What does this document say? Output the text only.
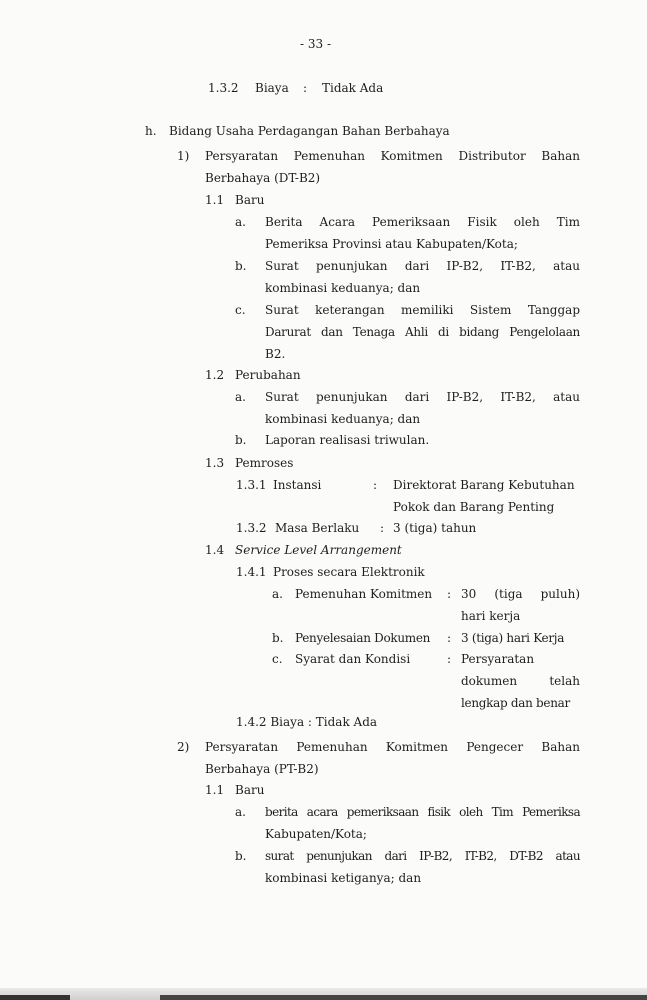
- 33 -
1.3.2 Biaya : Tidak Ada
h. Bidang Usaha Perdagangan Bahan Berbahaya
1) Persyaratan Pemenuhan Komitmen Distributor Bahan
Berbahaya (DT-B2)
1.1 Baru
a. Berita Acara Pemeriksaan Fisik oleh Tim
Pemeriksa Provinsi atau Kabupaten/Kota;
b. Surat penunjukan dari IP-B2, IT-B2, atau
kombinasi keduanya; dan
c. Surat keterangan memiliki Sistem Tanggap
Darurat dan Tenaga Ahli di bidang Pengelolaan
B2.
1.2 Perubahan
a. Surat penunjukan dari IP-B2, IT-B2, atau
kombinasi keduanya; dan
b. Laporan realisasi triwulan.
1.3 Pemroses
1.3.1 Instansi	: Direktorat Barang Kebutuhan
Pokok dan Barang Penting
1.3.2 Masa Berlaku : 3 (tiga) tahun
1.4 Service Level Arrangement
1.4.1 Proses secara Elektronik
a. Pemenuhan Komitmen : 30 (tiga puluh)
hari kerja
b. Penyelesaian Dokumen : 3 (tiga) hari Kerja
c. Syarat dan Kondisi	: Persyaratan
dokumen telah
lengkap dan benar
1.4.2 Biaya : Tidak Ada
2) Persyaratan Pemenuhan Komitmen Pengecer Bahan
Berbahaya (PT-B2)
1.1 Baru
a. berita acara pemeriksaan fisik oleh Tim Pemeriksa
Kabupaten/Kota;
b. surat penunjukan dari IP-B2, IT-B2, DT-B2 atau
kombinasi ketiganya; dan
